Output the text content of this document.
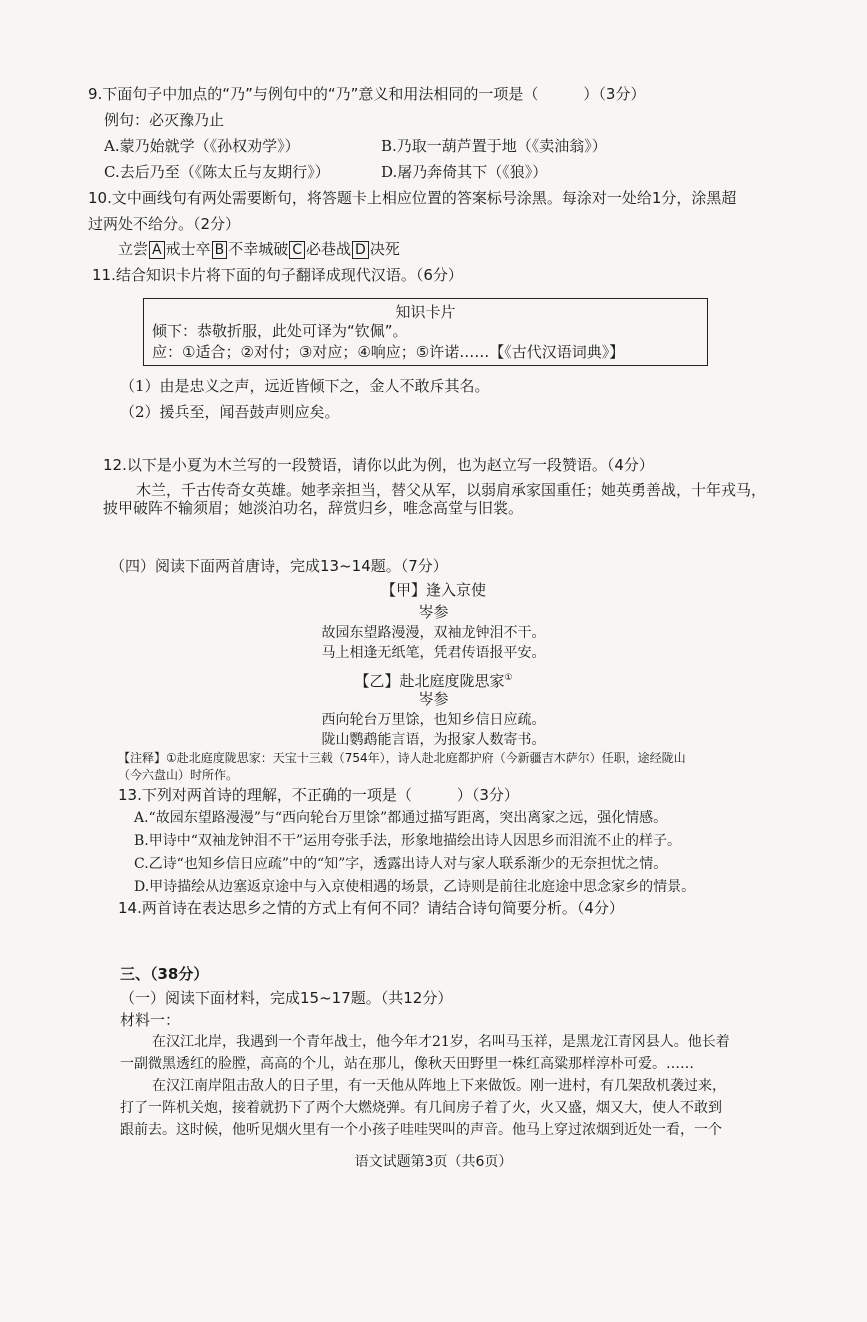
9.下面句子中加点的“乃”与例句中的“乃”意义和用法相同的一项是（　　　）（3分）
例句：必灭豫乃止
A.蒙乃始就学（《孙权劝学》）	B.乃取一葫芦置于地（《卖油翁》）
C.去后乃至（《陈太丘与友期行》）	D.屠乃奔倚其下（《狼》）
10.文中画线句有两处需要断句，将答题卡上相应位置的答案标号涂黑。每涂对一处给1分，涂黑超
过两处不给分。（2分）
立尝 A 戒士卒 B 不幸城破 C 必巷战 D 决死
11.结合知识卡片将下面的句子翻译成现代汉语。（6分）
知识卡片
倾下：恭敬折服，此处可译为“钦佩”。
应：①适合；②对付；③对应；④响应；⑤许诺……【《古代汉语词典》】
（1）由是忠义之声，远近皆倾下之，金人不敢斥其名。
（2）援兵至，闻吾鼓声则应矣。
12.以下是小夏为木兰写的一段赞语，请你以此为例，也为赵立写一段赞语。（4分）
木兰，千古传奇女英雄。她孝亲担当，替父从军，以弱肩承家国重任；她英勇善战，十年戎马，
披甲破阵不输须眉；她淡泊功名，辞赏归乡，唯念高堂与旧裳。
（四）阅读下面两首唐诗，完成13~14题。（7分）
【甲】逢入京使
岑参
故园东望路漫漫，双袖龙钟泪不干。
马上相逢无纸笔，凭君传语报平安。
【乙】赴北庭度陇思家①
岑参
西向轮台万里馀，也知乡信日应疏。
陇山鹦鹉能言语，为报家人数寄书。
【注释】①赴北庭度陇思家：天宝十三载（754年），诗人赴北庭都护府（今新疆吉木萨尔）任职，途经陇山
（今六盘山）时所作。
13.下列对两首诗的理解，不正确的一项是（　　　）（3分）
A.“故园东望路漫漫”与“西向轮台万里馀”都通过描写距离，突出离家之远，强化情感。
B.甲诗中“双袖龙钟泪不干”运用夸张手法，形象地描绘出诗人因思乡而泪流不止的样子。
C.乙诗“也知乡信日应疏”中的“知”字，透露出诗人对与家人联系渐少的无奈担忧之情。
D.甲诗描绘从边塞返京途中与入京使相遇的场景，乙诗则是前往北庭途中思念家乡的情景。
14.两首诗在表达思乡之情的方式上有何不同？请结合诗句简要分析。（4分）
三、（38分）
（一）阅读下面材料，完成15~17题。（共12分）
材料一：
在汉江北岸，我遇到一个青年战士，他今年才21岁，名叫马玉祥，是黑龙江青冈县人。他长着
一副微黑透红的脸膛，高高的个儿，站在那儿，像秋天田野里一株红高粱那样淳朴可爱。……
在汉江南岸阻击敌人的日子里，有一天他从阵地上下来做饭。刚一进村，有几架敌机袭过来，
打了一阵机关炮，接着就扔下了两个大燃烧弹。有几间房子着了火，火又盛，烟又大，使人不敢到
跟前去。这时候，他听见烟火里有一个小孩子哇哇哭叫的声音。他马上穿过浓烟到近处一看，一个
语文试题第3页（共6页）
